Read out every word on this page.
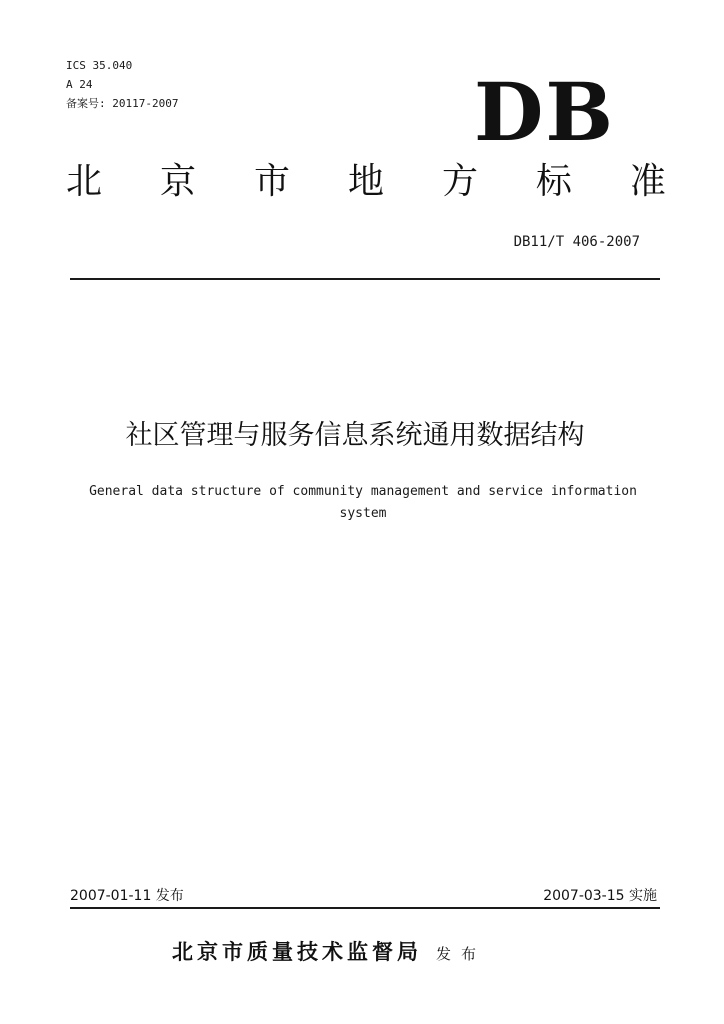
ICS 35.040
A 24
备案号: 20117-2007	DB
北 京 市 地 方 标 准
DB11/T 406-2007
社区管理与服务信息系统通用数据结构
General data structure of community management and service information system
2007-01-11 发布	2007-03-15 实施
北京市质量技术监督局 发布
